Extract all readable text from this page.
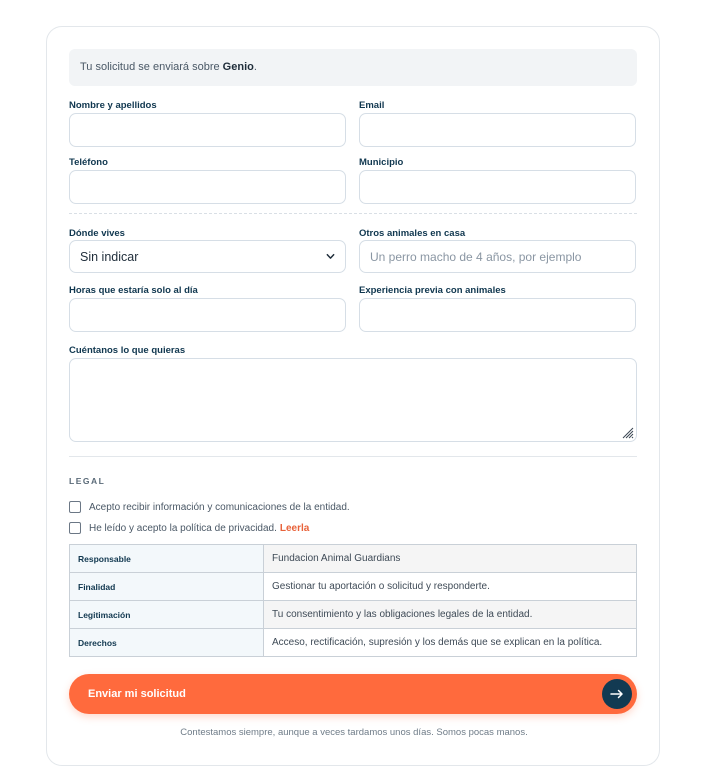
Tu solicitud se enviará sobre Genio.
Nombre y apellidos	Email
Teléfono	Municipio
Dónde vives
Sin indicar
Otros animales en casa
Un perro macho de 4 años, por ejemplo
Horas que estaría solo al día	Experiencia previa con animales
Cuéntanos lo que quieras
LEGAL
Acepto recibir información y comunicaciones de la entidad.
He leído y acepto la política de privacidad. Leerla
Responsable	Fundacion Animal Guardians
Finalidad	Gestionar tu aportación o solicitud y responderte.
Legitimación	Tu consentimiento y las obligaciones legales de la entidad.
Derechos	Acceso, rectificación, supresión y los demás que se explican en la política.
Enviar mi solicitud
Contestamos siempre, aunque a veces tardamos unos días. Somos pocas manos.
